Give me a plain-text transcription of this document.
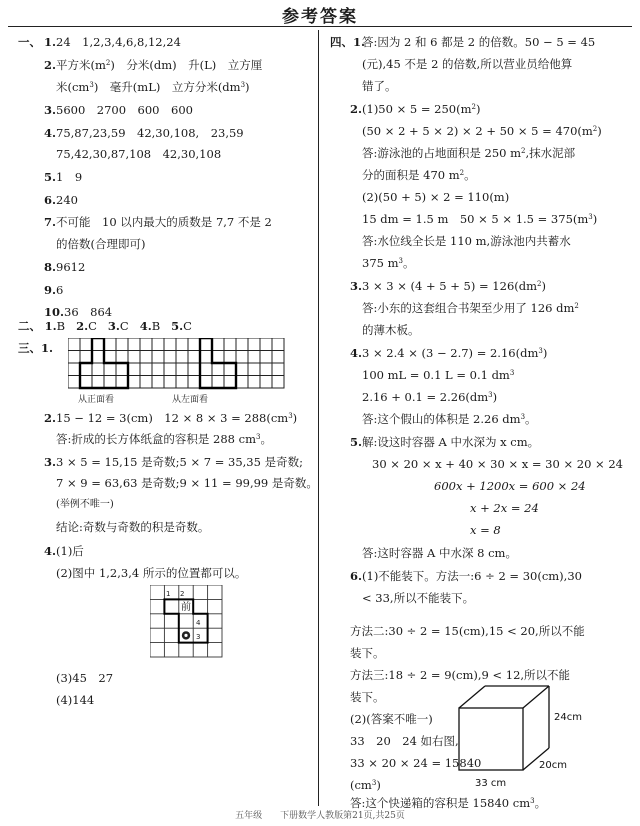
参考答案
一、 1.24　1,2,3,4,6,8,12,24
2.平方米$(m^2)$　分米(dm)　升(L)　立方厘
米$(cm^3)$　毫升(mL)　立方分米$(dm^3)$
3.5600　2700　600　600
4.75,87,23,59　42,30,108,　23,59
75,42,30,87,108　42,30,108
5.1　9
6.240
7.不可能　10 以内最大的质数是 7,7 不是 2
的倍数(合理即可)
8.9612
9.6
10.36　864
二、 1.B 2.C 3.C 4.B 5.C
三、1.
从正面看	从左面看
2.15 − 12 = 3(cm)　$12 \times 8 \times 3 = 288(cm^3)$
答:折成的长方体纸盒的容积是 288 $cm^3$。
3.3 × 5 = 15,15 是奇数;5 × 7 = 35,35 是奇数;
7 × 9 = 63,63 是奇数;9 × 11 = 99,99 是奇数。
(举例不唯一)
结论:奇数与奇数的积是奇数。
4.(1)后
(2)图中 1,2,3,4 所示的位置都可以。
1 2
4
3
前
(3)45　27
(4)144
四、1.
答:因为 2 和 6 都是 2 的倍数。50 − 5 = 45
(元),45 不是 2 的倍数,所以营业员给他算
错了。
$2.(1)50 \times 5 = 250(m^2)$
$(50 \times 2 + 5 \times 2) \times 2 + 50 \times 5 = 470(m^2)$
答:游泳池的占地面积是 250 $m^2$,抹水泥部
分的面积是 470 $m^2$。
(2)(50 + 5) × 2 = 110(m)
15 dm = 1.5 m　$50 \times 5 \times 1.5 = 375(m^3)$
答:水位线全长是 110 m,游泳池内共蓄水
375 $m^3$。
$3.3 \times 3 \times (4 + 5 + 5) = 126(dm^2)$
答:小东的这套组合书架至少用了 126 $dm^2$
的薄木板。
$4.3 \times 2.4 \times (3 - 2.7) = 2.16(dm^3)$
100 mL = 0.1 L = 0.1 $dm^3$
$2.16 + 0.1 = 2.26(dm^3)$
答:这个假山的体积是 2.26 $dm^3$。
5.解:设这时容器 A 中水深为 x cm。
30 × 20 × x + 40 × 30 × x = 30 × 20 × 24
600x + 1200x = 600 × 24
x + 2x = 24
x = 8
答:这时容器 A 中水深 8 cm。
6.(1)不能装下。方法一:6 ÷ 2 = 30(cm),30
< 33,所以不能装下。
方法二:30 ÷ 2 = 15(cm),15 < 20,所以不能
装下。
方法三:18 ÷ 2 = 9(cm),9 < 12,所以不能
装下。
(2)(答案不唯一)
33　20　24 如右图,
33 × 20 × 24 = 15840
$(cm^3)$
答:这个快递箱的容积是 15840 $cm^3$。
24cm
20cm
33 cm
五年级　　下册数学人教版第21页,共25页
